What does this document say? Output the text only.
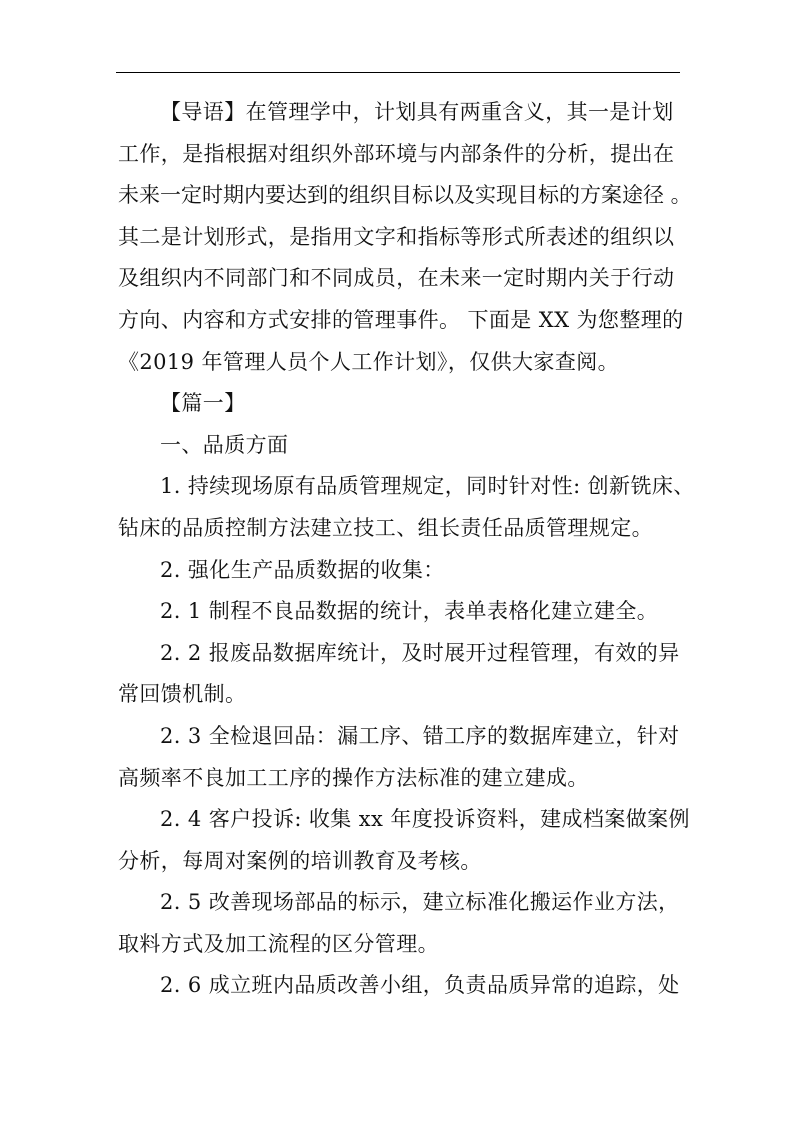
【导语】在管理学中，计划具有两重含义，其一是计划
工作，是指根据对组织外部环境与内部条件的分析，提出在
未来一定时期内要达到的组织目标以及实现目标的方案途径 。
其二是计划形式，是指用文字和指标等形式所表述的组织以
及组织内不同部门和不同成员，在未来一定时期内关于行动
方向、内容和方式安排的管理事件。 下面是 XX 为您整理的
《2019 年管理人员个人工作计划》，仅供大家查阅。
【篇一】
一、品质方面
1. 持续现场原有品质管理规定，同时针对性: 创新铣床、
钻床的品质控制方法建立技工、组长责任品质管理规定。
2. 强化生产品质数据的收集：
2. 1 制程不良品数据的统计，表单表格化建立建全。
2. 2 报废品数据库统计，及时展开过程管理，有效的异
常回馈机制。
2. 3 全检退回品：漏工序、错工序的数据库建立，针对
高频率不良加工工序的操作方法标准的建立建成。
2. 4 客户投诉: 收集 xx 年度投诉资料，建成档案做案例
分析，每周对案例的培训教育及考核。
2. 5 改善现场部品的标示，建立标准化搬运作业方法，
取料方式及加工流程的区分管理。
2. 6 成立班内品质改善小组，负责品质异常的追踪，处
